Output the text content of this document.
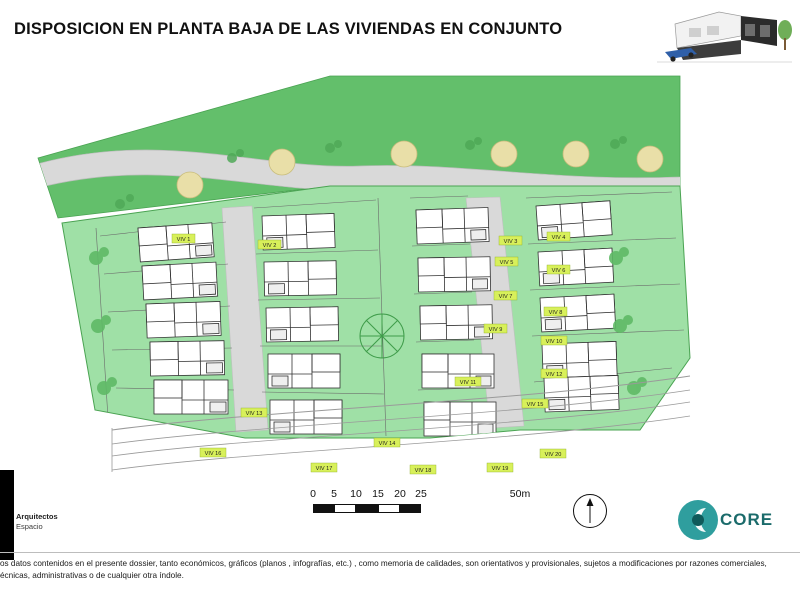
DISPOSICION EN PLANTA BAJA DE LAS VIVIENDAS EN CONJUNTO
VIV 1
VIV 2
VIV 3
VIV 4
VIV 5
VIV 6
VIV 7
VIV 8
VIV 9
VIV 10
VIV 11
VIV 12
VIV 13
VIV 14
VIV 15
VIV 16
VIV 17	VIV 18	VIV 19
VIV 20
0 5 10 15 20 25	50m
Arquitectos
Espacio	CORE
os datos contenidos en el presente dossier, tanto económicos, gráficos (planos , infografías, etc.) , como memoria de calidades, son orientativos y provisionales, sujetos a modificaciones por razones comerciales,
écnicas, administrativas o de cualquier otra índole.
